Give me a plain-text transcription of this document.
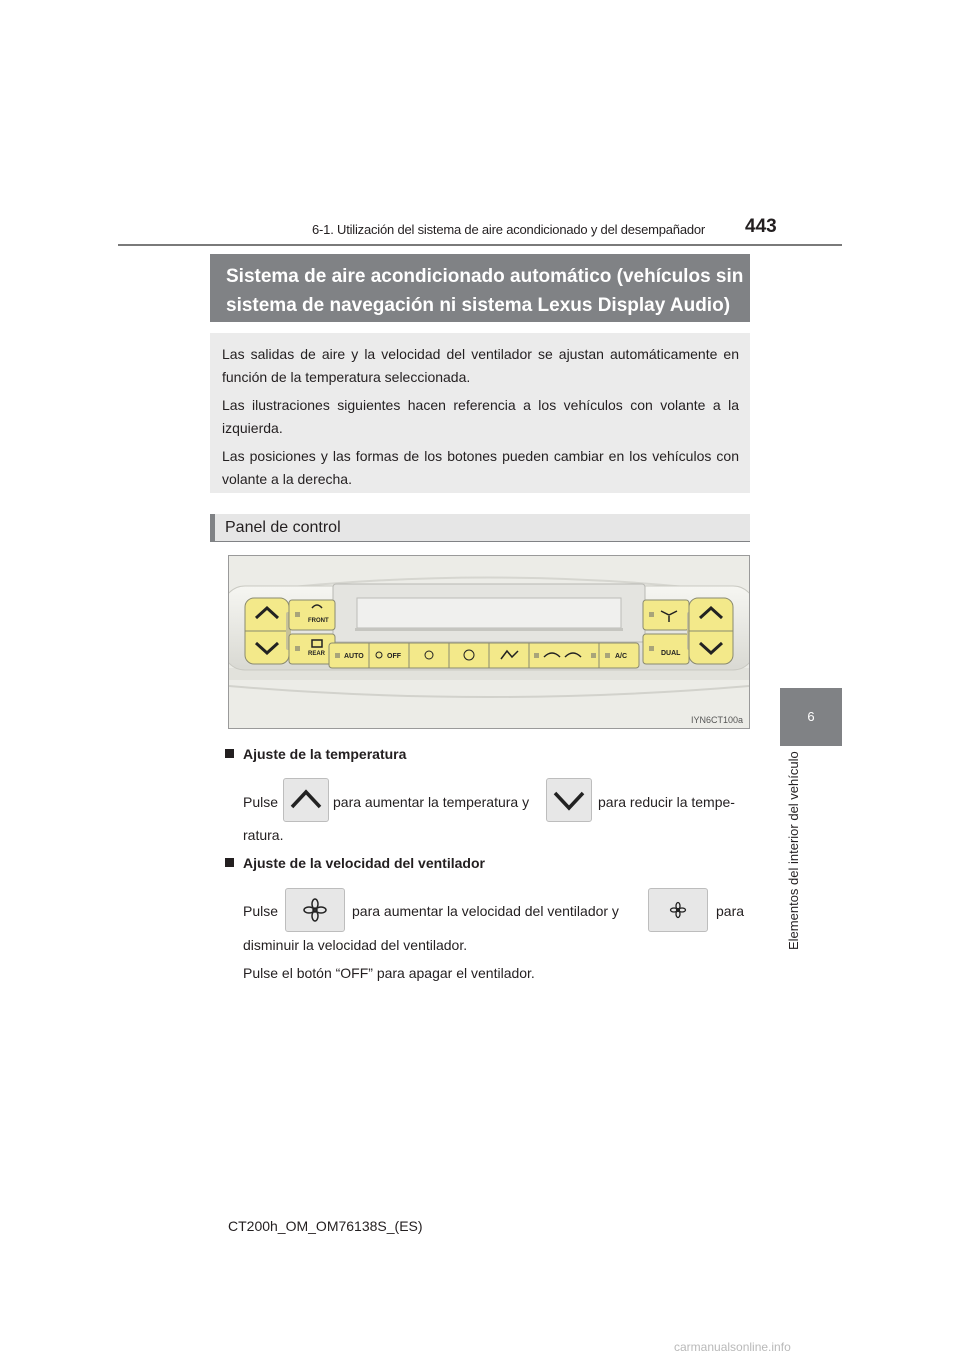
6-1. Utilización del sistema de aire acondicionado y del desempañador 443
6
Elementos del interior del vehículo
Sistema de aire acondicionado automático (vehículos sin
sistema de navegación ni sistema Lexus Display Audio)

Las salidas de aire y la velocidad del ventilador se ajustan automáticamente en función de la temperatura seleccionada.

Las ilustraciones siguientes hacen referencia a los vehículos con volante a la izquierda.

Las posiciones y las formas de los botones pueden cambiar en los vehículos con volante a la derecha.

Panel de control
FRONT
REAR	AUTO	OFF	A/C	DUAL
IYN6CT100a
Ajuste de la temperatura
Pulse	para aumentar la temperatura y	para reducir la tempe-
ratura.
Ajuste de la velocidad del ventilador
Pulse	para aumentar la velocidad del ventilador y	para
disminuir la velocidad del ventilador.
Pulse el botón “OFF” para apagar el ventilador.
CT200h_OM_OM76138S_(ES)
carmanualsonline.info
